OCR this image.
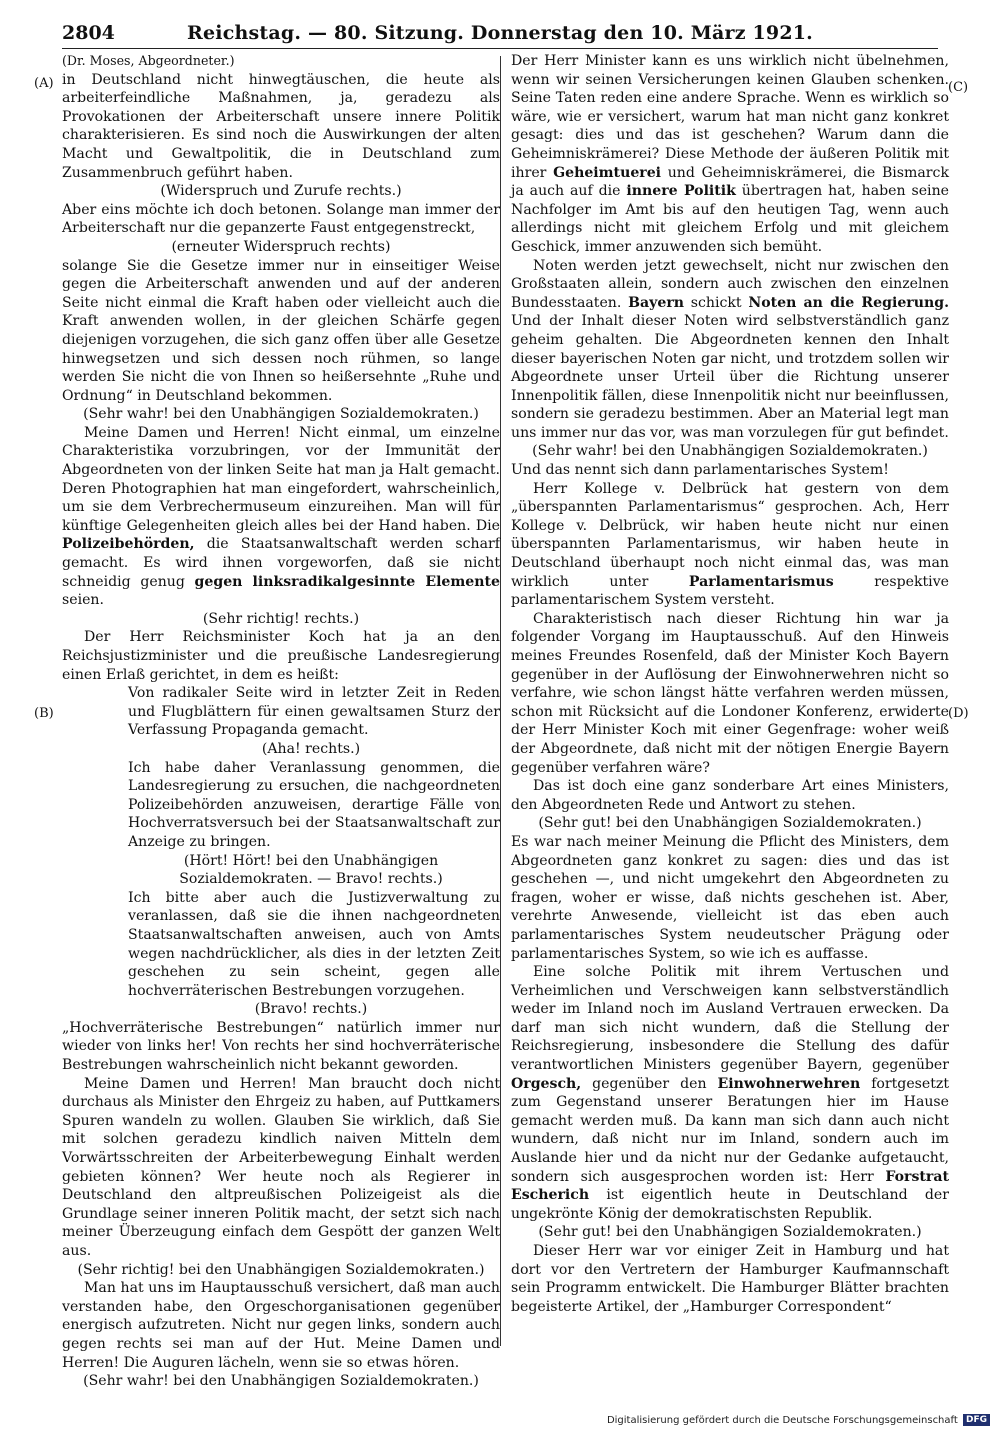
2804	Reichstag. — 80. Sitzung. Donnerstag den 10. März 1921.
(A)
(B)
(C)
(D)

(Dr. Moses, Abgeordneter.)

in Deutschland nicht hinwegtäuschen, die heute als arbeiterfeindliche Maßnahmen, ja, geradezu als Provokationen der Arbeiterschaft unsere innere Politik charakterisieren. Es sind noch die Auswirkungen der alten Macht und Gewaltpolitik, die in Deutschland zum Zusammenbruch geführt haben.

(Widerspruch und Zurufe rechts.)

Aber eins möchte ich doch betonen. Solange man immer der Arbeiterschaft nur die gepanzerte Faust entgegenstreckt,

(erneuter Widerspruch rechts)

solange Sie die Gesetze immer nur in einseitiger Weise gegen die Arbeiterschaft anwenden und auf der anderen Seite nicht einmal die Kraft haben oder vielleicht auch die Kraft anwenden wollen, in der gleichen Schärfe gegen diejenigen vorzugehen, die sich ganz offen über alle Gesetze hinwegsetzen und sich dessen noch rühmen, so lange werden Sie nicht die von Ihnen so heißersehnte „Ruhe und Ordnung“ in Deutschland bekommen.

(Sehr wahr! bei den Unabhängigen Sozialdemokraten.)

Meine Damen und Herren! Nicht einmal, um einzelne Charakteristika vorzubringen, vor der Immunität der Abgeordneten von der linken Seite hat man ja Halt gemacht. Deren Photographien hat man eingefordert, wahrscheinlich, um sie dem Verbrechermuseum einzureihen. Man will für künftige Gelegenheiten gleich alles bei der Hand haben. Die Polizeibehörden, die Staatsanwaltschaft werden scharf gemacht. Es wird ihnen vorgeworfen, daß sie nicht schneidig genug gegen linksradikalgesinnte Elemente seien.

(Sehr richtig! rechts.)

Der Herr Reichsminister Koch hat ja an den Reichsjustizminister und die preußische Landesregierung einen Erlaß gerichtet, in dem es heißt:

Von radikaler Seite wird in letzter Zeit in Reden und Flugblättern für einen gewaltsamen Sturz der Verfassung Propaganda gemacht.

(Aha! rechts.)

Ich habe daher Veranlassung genommen, die Landesregierung zu ersuchen, die nachgeordneten Polizeibehörden anzuweisen, derartige Fälle von Hochverratsversuch bei der Staatsanwaltschaft zur Anzeige zu bringen.

(Hört! Hört! bei den Unabhängigen Sozialdemokraten. — Bravo! rechts.)

Ich bitte aber auch die Justizverwaltung zu veranlassen, daß sie die ihnen nachgeordneten Staatsanwaltschaften anweisen, auch von Amts wegen nachdrücklicher, als dies in der letzten Zeit geschehen zu sein scheint, gegen alle hochverräterischen Bestrebungen vorzugehen.

(Bravo! rechts.)

„Hochverräterische Bestrebungen“ natürlich immer nur wieder von links her! Von rechts her sind hochverräterische Bestrebungen wahrscheinlich nicht bekannt geworden.

Meine Damen und Herren! Man braucht doch nicht durchaus als Minister den Ehrgeiz zu haben, auf Puttkamers Spuren wandeln zu wollen. Glauben Sie wirklich, daß Sie mit solchen geradezu kindlich naiven Mitteln dem Vorwärtsschreiten der Arbeiterbewegung Einhalt werden gebieten können? Wer heute noch als Regierer in Deutschland den altpreußischen Polizeigeist als die Grundlage seiner inneren Politik macht, der setzt sich nach meiner Überzeugung einfach dem Gespött der ganzen Welt aus.

(Sehr richtig! bei den Unabhängigen Sozialdemokraten.)

Man hat uns im Hauptausschuß versichert, daß man auch verstanden habe, den Orgeschorganisationen gegenüber energisch aufzutreten. Nicht nur gegen links, sondern auch gegen rechts sei man auf der Hut. Meine Damen und Herren! Die Auguren lächeln, wenn sie so etwas hören.

(Sehr wahr! bei den Unabhängigen Sozialdemokraten.)

Der Herr Minister kann es uns wirklich nicht übelnehmen, wenn wir seinen Versicherungen keinen Glauben schenken. Seine Taten reden eine andere Sprache. Wenn es wirklich so wäre, wie er versichert, warum hat man nicht ganz konkret gesagt: dies und das ist geschehen? Warum dann die Geheimniskrämerei? Diese Methode der äußeren Politik mit ihrer Geheimtuerei und Geheimniskrämerei, die Bismarck ja auch auf die innere Politik übertragen hat, haben seine Nachfolger im Amt bis auf den heutigen Tag, wenn auch allerdings nicht mit gleichem Erfolg und mit gleichem Geschick, immer anzuwenden sich bemüht.

Noten werden jetzt gewechselt, nicht nur zwischen den Großstaaten allein, sondern auch zwischen den einzelnen Bundesstaaten. Bayern schickt Noten an die Regierung. Und der Inhalt dieser Noten wird selbstverständlich ganz geheim gehalten. Die Abgeordneten kennen den Inhalt dieser bayerischen Noten gar nicht, und trotzdem sollen wir Abgeordnete unser Urteil über die Richtung unserer Innenpolitik fällen, diese Innenpolitik nicht nur beeinflussen, sondern sie geradezu bestimmen. Aber an Material legt man uns immer nur das vor, was man vorzulegen für gut befindet.

(Sehr wahr! bei den Unabhängigen Sozialdemokraten.)

Und das nennt sich dann parlamentarisches System!

Herr Kollege v. Delbrück hat gestern von dem „überspannten Parlamentarismus“ gesprochen. Ach, Herr Kollege v. Delbrück, wir haben heute nicht nur einen überspannten Parlamentarismus, wir haben heute in Deutschland überhaupt noch nicht einmal das, was man wirklich unter Parlamentarismus respektive parlamentarischem System versteht.

Charakteristisch nach dieser Richtung hin war ja folgender Vorgang im Hauptausschuß. Auf den Hinweis meines Freundes Rosenfeld, daß der Minister Koch Bayern gegenüber in der Auflösung der Einwohnerwehren nicht so verfahre, wie schon längst hätte verfahren werden müssen, schon mit Rücksicht auf die Londoner Konferenz, erwiderte der Herr Minister Koch mit einer Gegenfrage: woher weiß der Abgeordnete, daß nicht mit der nötigen Energie Bayern gegenüber verfahren wäre?

Das ist doch eine ganz sonderbare Art eines Ministers, den Abgeordneten Rede und Antwort zu stehen.

(Sehr gut! bei den Unabhängigen Sozialdemokraten.)

Es war nach meiner Meinung die Pflicht des Ministers, dem Abgeordneten ganz konkret zu sagen: dies und das ist geschehen —, und nicht umgekehrt den Abgeordneten zu fragen, woher er wisse, daß nichts geschehen ist. Aber, verehrte Anwesende, vielleicht ist das eben auch parlamentarisches System neudeutscher Prägung oder parlamentarisches System, so wie ich es auffasse.

Eine solche Politik mit ihrem Vertuschen und Verheimlichen und Verschweigen kann selbstverständlich weder im Inland noch im Ausland Vertrauen erwecken. Da darf man sich nicht wundern, daß die Stellung der Reichsregierung, insbesondere die Stellung des dafür verantwortlichen Ministers gegenüber Bayern, gegenüber Orgesch, gegenüber den Einwohnerwehren fortgesetzt zum Gegenstand unserer Beratungen hier im Hause gemacht werden muß. Da kann man sich dann auch nicht wundern, daß nicht nur im Inland, sondern auch im Auslande hier und da nicht nur der Gedanke aufgetaucht, sondern sich ausgesprochen worden ist: Herr Forstrat Escherich ist eigentlich heute in Deutschland der ungekrönte König der demokratischsten Republik.

(Sehr gut! bei den Unabhängigen Sozialdemokraten.)

Dieser Herr war vor einiger Zeit in Hamburg und hat dort vor den Vertretern der Hamburger Kaufmannschaft sein Programm entwickelt. Die Hamburger Blätter brachten begeisterte Artikel, der „Hamburger Correspondent“

Digitalisierung gefördert durch die Deutsche Forschungsgemeinschaft DFG
